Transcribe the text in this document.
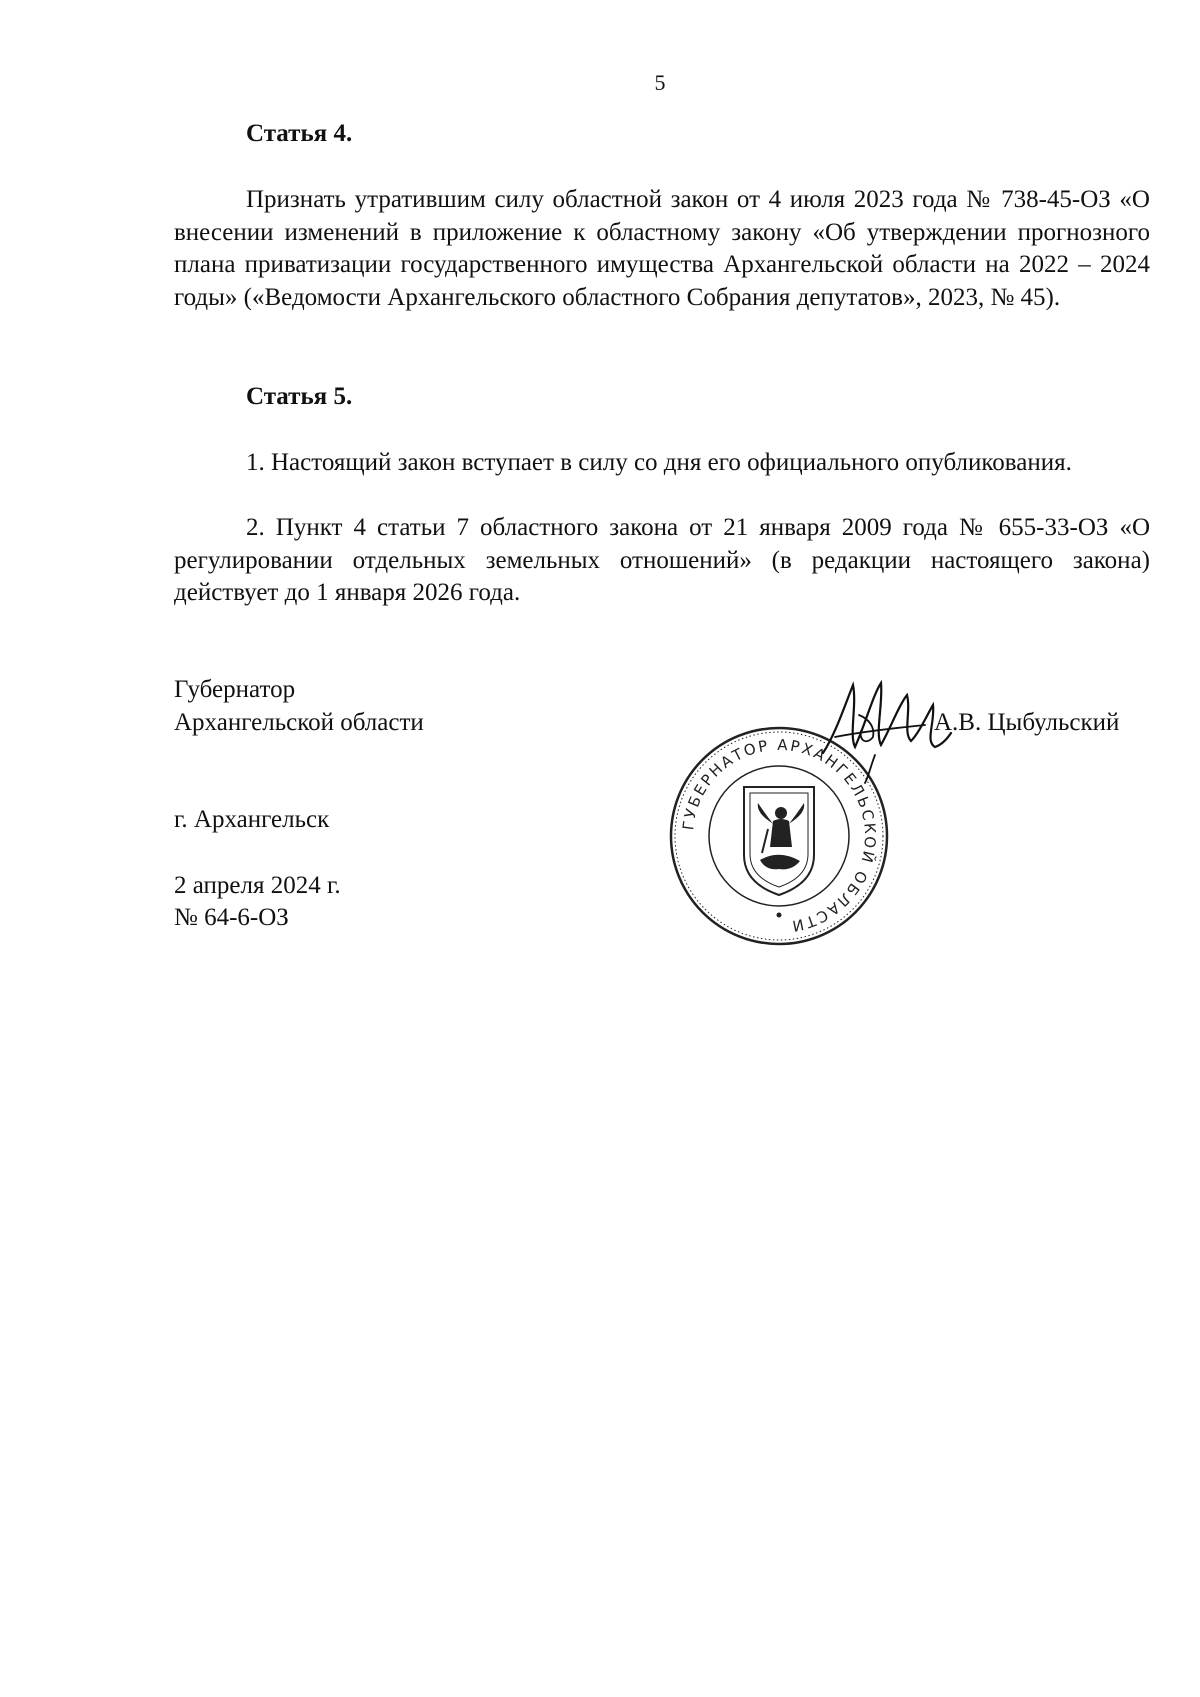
5
Статья 4.

Признать утратившим силу областной закон от 4 июля 2023 года № 738-45-ОЗ «О внесении изменений в приложение к областному закону «Об утверждении прогнозного плана приватизации государственного имущества Архангельской области на 2022 – 2024 годы» («Ведомости Архангельского областного Собрания депутатов», 2023, № 45).

Статья 5.

1. Настоящий закон вступает в силу со дня его официального опубликования.

2. Пункт 4 статьи 7 областного закона от 21 января 2009 года № 655-33-ОЗ «О регулировании отдельных земельных отношений» (в редакции настоящего закона) действует до 1 января 2026 года.

Губернатор
Архангельской области	А.В. Цыбульский
г. Архангельск
2 апреля 2024 г.
№ 64-6-ОЗ
ГУБЕРНАТОР АРХАНГЕЛЬСКОЙ ОБЛАСТИ
